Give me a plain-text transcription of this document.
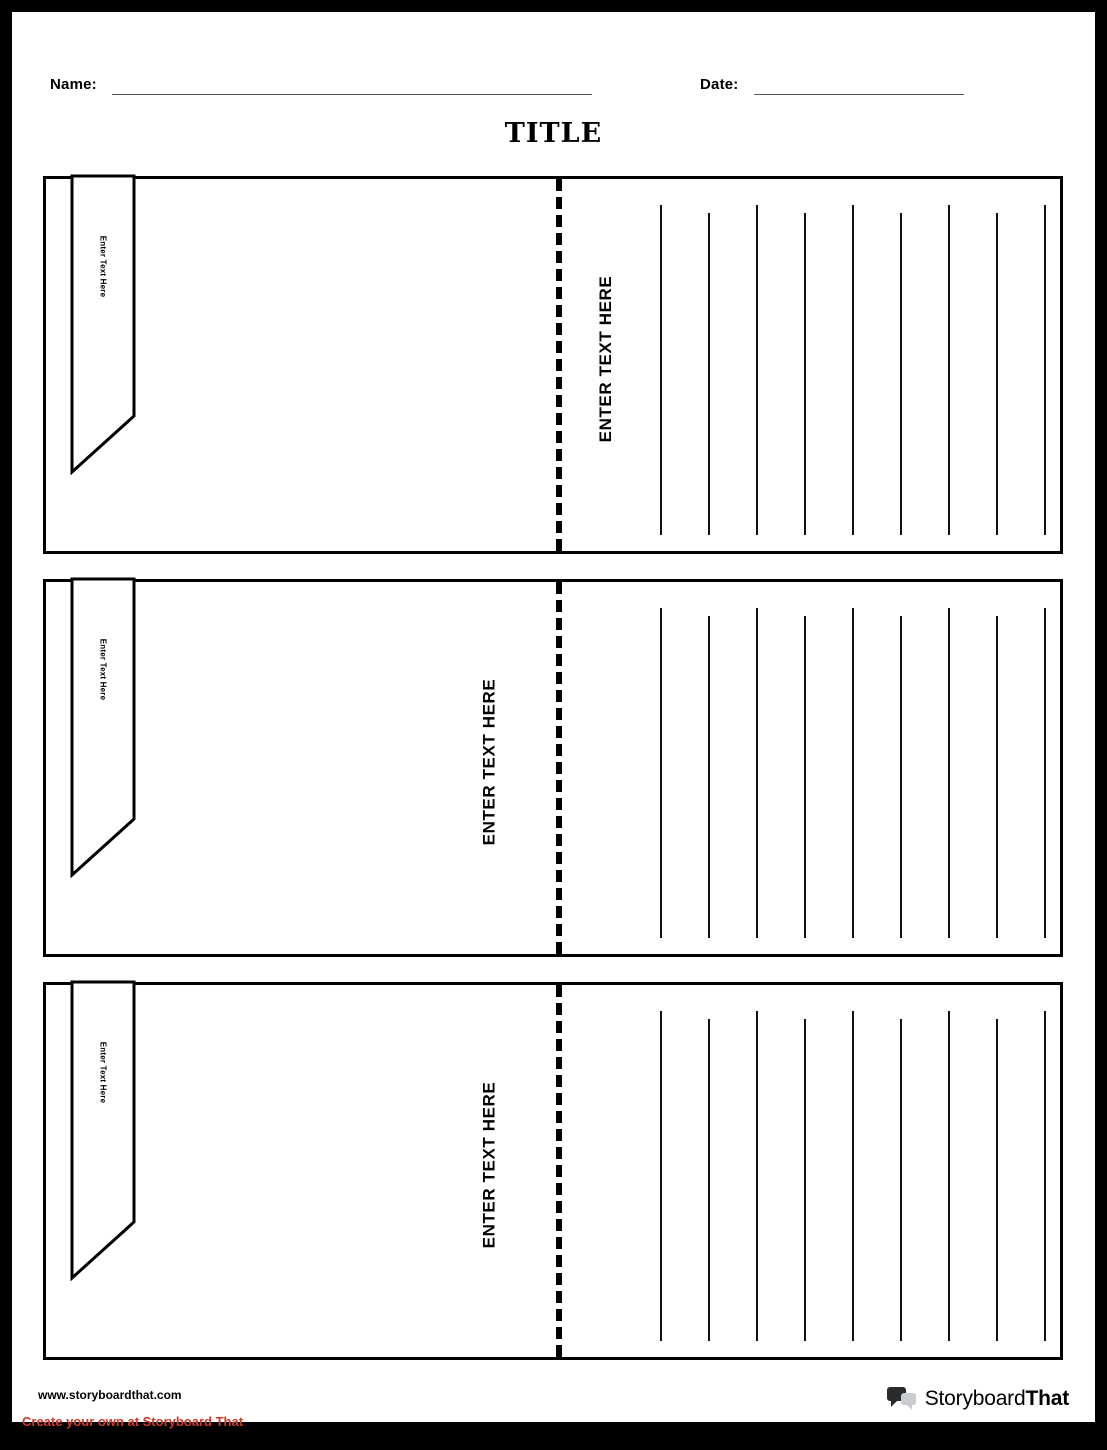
Name:	Date:
TITLE
Enter Text Here
ENTER TEXT HERE
Enter Text Here
ENTER TEXT HERE
Enter Text Here
ENTER TEXT HERE
www.storyboardthat.com	StoryboardThat
Create your own at Storyboard That
